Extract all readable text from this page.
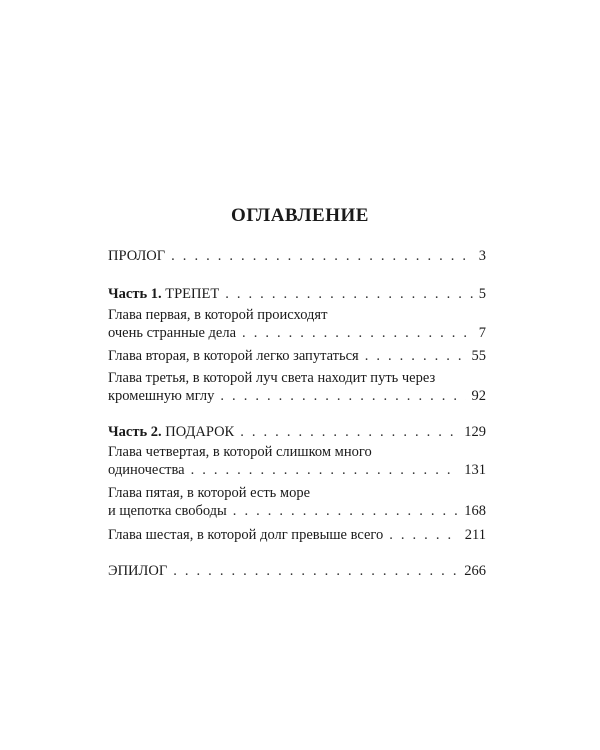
ОГЛАВЛЕНИЕ
ПРОЛОГ . . .	3
Часть 1. ТРЕПЕТ . . .	5
Глава первая, в которой происходят
очень странные дела . . .	7
Глава вторая, в которой легко запутаться . . .	55
Глава третья, в которой луч света находит путь через
кромешную мглу . . .	92
Часть 2. ПОДАРОК . . .	129
Глава четвертая, в которой слишком много
одиночества . . .	131
Глава пятая, в которой есть море
и щепотка свободы . . .	168
Глава шестая, в которой долг превыше всего . . .	211
ЭПИЛОГ . . .	266
